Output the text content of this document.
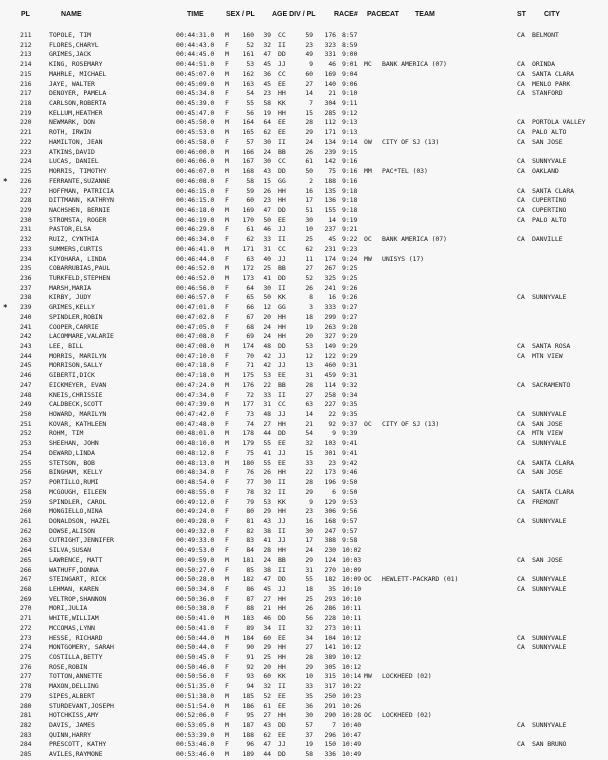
PL	NAME	TIME	SEX / PL AGE DIV / PL	RACE# PACE CAT TEAM	ST	CITY
211	TOPOLE, TIM	00:44:31.0 M	160	39 CC	59	176 8:57	CA BELMONT
212	FLORES,CHARYL	00:44:43.0 F	52	32 II	23	323 8:59
213	GRIMES,JACK	00:44:45.0 M	161	47 DD	49	331 9:00
214	KING, ROSEMARY	00:44:51.0 F	53	45 JJ	9	46 9:01 MC BANK AMERICA (07)	CA ORINDA
215	MAHRLE, MICHAEL	00:45:07.0 M	162	36 CC	60	169 9:04	CA SANTA CLARA
216	JAYE, WALTER	00:45:09.0 M	163	45 EE	27	140 9:06	CA MENLO PARK
217	DENOYER, PAMELA	00:45:34.0 F	54	23 HH	14	21 9:10	CA STANFORD
218	CARLSON,ROBERTA	00:45:39.0 F	55	58 KK	7	304 9:11
219	KELLUM,HEATHER	00:45:47.0 F	56	19 HH	15	285 9:12
220	NEWMARK, DON	00:45:50.0 M	164	64 EE	28	112 9:13	CA PORTOLA VALLEY
221	ROTH, IRWIN	00:45:53.0 M	165	62 EE	29	171 9:13	CA PALO ALTO
222	HAMILTON, JEAN	00:45:58.0 F	57	30 II	24	134 9:14 OW CITY OF SJ (13)	CA SAN JOSE
223	ATKINS,DAVID	00:46:00.0 M	166	24 BB	26	239 9:15
224	LUCAS, DANIEL	00:46:06.0 M	167	30 CC	61	142 9:16	CA SUNNYVALE
225	MORRIS, TIMOTHY	00:46:07.0 M	168	43 DD	50	75 9:16 MM PAC*TEL (03)	CA OAKLAND
* 226	FERRANTE,SUZANNE	00:46:08.0 F	58	15 GG	2	188 9:16
227	HOFFMAN, PATRICIA	00:46:15.0 F	59	26 HH	16	135 9:18	CA SANTA CLARA
228	DITTMANN, KATHRYN	00:46:15.0 F	60	23 HH	17	136 9:18	CA CUPERTINO
229	NACHSHEN, BERNIE	00:46:18.0 M	169	47 DD	51	155 9:18	CA CUPERTINO
230	STROMSTA, ROGER	00:46:19.0 M	170	50 EE	30	14 9:19	CA PALO ALTO
231	PASTOR,ELSA	00:46:29.0 F	61	46 JJ	10	237 9:21
232	RUIZ, CYNTHIA	00:46:34.0 F	62	33 II	25	45 9:22 OC BANK AMERICA (07)	CA DANVILLE
233	SUMMERS,CURTIS	00:46:41.0 M	171	31 CC	62	231 9:23
234	KIYOHARA, LINDA	00:46:44.0 F	63	40 JJ	11	174 9:24 MW UNISYS (17)
235	COBARRUBIAS,PAUL	00:46:52.0 M	172	25 BB	27	267 9:25
236	TURKFELD,STEPHEN	00:46:52.0 M	173	41 DD	52	325 9:25
237	MARSH,MARIA	00:46:56.0 F	64	30 II	26	241 9:26
238	KIRBY, JUDY	00:46:57.0 F	65	50 KK	8	16 9:26	CA SUNNYVALE
* 239	GRIMES,KELLY	00:47:01.0 F	66	12 GG	3	333 9:27
240	SPINDLER,ROBIN	00:47:02.0 F	67	20 HH	18	299 9:27
241	COOPER,CARRIE	00:47:05.0 F	68	24 HH	19	263 9:28
242	LACOMMARE,VALARIE	00:47:08.0 F	69	24 HH	20	327 9:29
243	LEE, BILL	00:47:08.0 M	174	48 DD	53	149 9:29	CA SANTA ROSA
244	MORRIS, MARILYN	00:47:10.0 F	70	42 JJ	12	122 9:29	CA MTN VIEW
245	MORRISON,SALLY	00:47:18.0 F	71	42 JJ	13	460 9:31
246	GIBERTI,DICK	00:47:18.0 M	175	53 EE	31	459 9:31
247	EICKMEYER, EVAN	00:47:24.0 M	176	22 BB	28	114 9:32	CA SACRAMENTO
248	KNEIS,CHRISSIE	00:47:34.0 F	72	33 II	27	258 9:34
249	CALDBECK,SCOTT	00:47:39.0 M	177	31 CC	63	227 9:35
250	HOWARD, MARILYN	00:47:42.0 F	73	48 JJ	14	22 9:35	CA SUNNYVALE
251	KOVAR, KATHLEEN	00:47:48.0 F	74	27 HH	21	92 9:37 OC CITY OF SJ (13)	CA SAN JOSE
252	ROHM, TIM	00:48:01.0 M	178	44 DD	54	9 9:39	CA MTN VIEW
253	SHEEHAN, JOHN	00:48:10.0 M	179	55 EE	32	103 9:41	CA SUNNYVALE
254	DEWARD,LINDA	00:48:12.0 F	75	41 JJ	15	301 9:41
255	STETSON, BOB	00:48:13.0 M	180	55 EE	33	23 9:42	CA SANTA CLARA
256	BINGHAM, KELLY	00:48:34.0 F	76	26 HH	22	173 9:46	CA SAN JOSE
257	PORTILLO,RUMI	00:48:54.0 F	77	30 II	28	196 9:50
258	MCGOUGH, EILEEN	00:48:55.0 F	78	32 II	29	6 9:50	CA SANTA CLARA
259	SPINDLER, CAROL	00:49:12.0 F	79	53 KK	9	129 9:53	CA FREMONT
260	MONGIELLO,NINA	00:49:24.0 F	80	29 HH	23	306 9:56
261	DONALDSON, HAZEL	00:49:28.0 F	81	43 JJ	16	168 9:57	CA SUNNYVALE
262	DOWSE,ALISON	00:49:32.0 F	82	38 II	30	247 9:57
263	CUTRIGHT,JENNIFER	00:49:33.0 F	83	41 JJ	17	388 9:58
264	SILVA,SUSAN	00:49:53.0 F	84	28 HH	24	230 10:02
265	LAWRENCE, MATT	00:49:59.0 M	181	24 BB	29	124 10:03	CA SAN JOSE
266	WATHUFF,DONNA	00:50:27.0 F	85	38 II	31	270 10:09
267	STEINGART, RICK	00:50:28.0 M	182	47 DD	55	182 10:09 OC HEWLETT-PACKARD (01)	CA SUNNYVALE
268	LEHMAN, KAREN	00:50:34.0 F	86	45 JJ	18	35 10:10	CA SUNNYVALE
269	VELTROP,SHANNON	00:50:36.0 F	87	27 HH	25	293 10:10
270	MORI,JULIA	00:50:38.0 F	88	21 HH	26	286 10:11
271	WHITE,WILLIAM	00:50:41.0 M	183	46 DD	56	228 10:11
272	MCCOMAS,LYNN	00:50:41.0 F	89	34 II	32	273 10:11
273	HESSE, RICHARD	00:50:44.0 M	184	60 EE	34	104 10:12	CA SUNNYVALE
274	MONTGOMERY, SARAH	00:50:44.0 F	90	29 HH	27	141 10:12	CA SUNNYVALE
275	COSTILLA,BETTY	00:50:45.0 F	91	25 HH	28	389 10:12
276	ROSE,ROBIN	00:50:46.0 F	92	20 HH	29	305 10:12
277	TOTTON,ANNETTE	00:50:56.0 F	93	60 KK	10	315 10:14 MW LOCKHEED (02)
278	MAXON,DELLING	00:51:35.0 F	94	32 II	33	317 10:22
279	SIPES,ALBERT	00:51:38.0 M	185	52 EE	35	250 10:23
280	STURDEVANT,JOSEPH	00:51:54.0 M	186	61 EE	36	291 10:26
281	HOTCHKISS,AMY	00:52:06.0 F	95	27 HH	30	290 10:28 OC LOCKHEED (02)
282	DAVIS, JAMES	00:53:05.0 M	187	43 DD	57	7 10:40	CA SUNNYVALE
283	QUINN,HARRY	00:53:39.0 M	188	62 EE	37	296 10:47
284	PRESCOTT, KATHY	00:53:46.0 F	96	47 JJ	19	150 10:49	CA SAN BRUNO
285	AVILES,RAYMONE	00:53:46.0 M	189	44 DD	58	336 10:49
